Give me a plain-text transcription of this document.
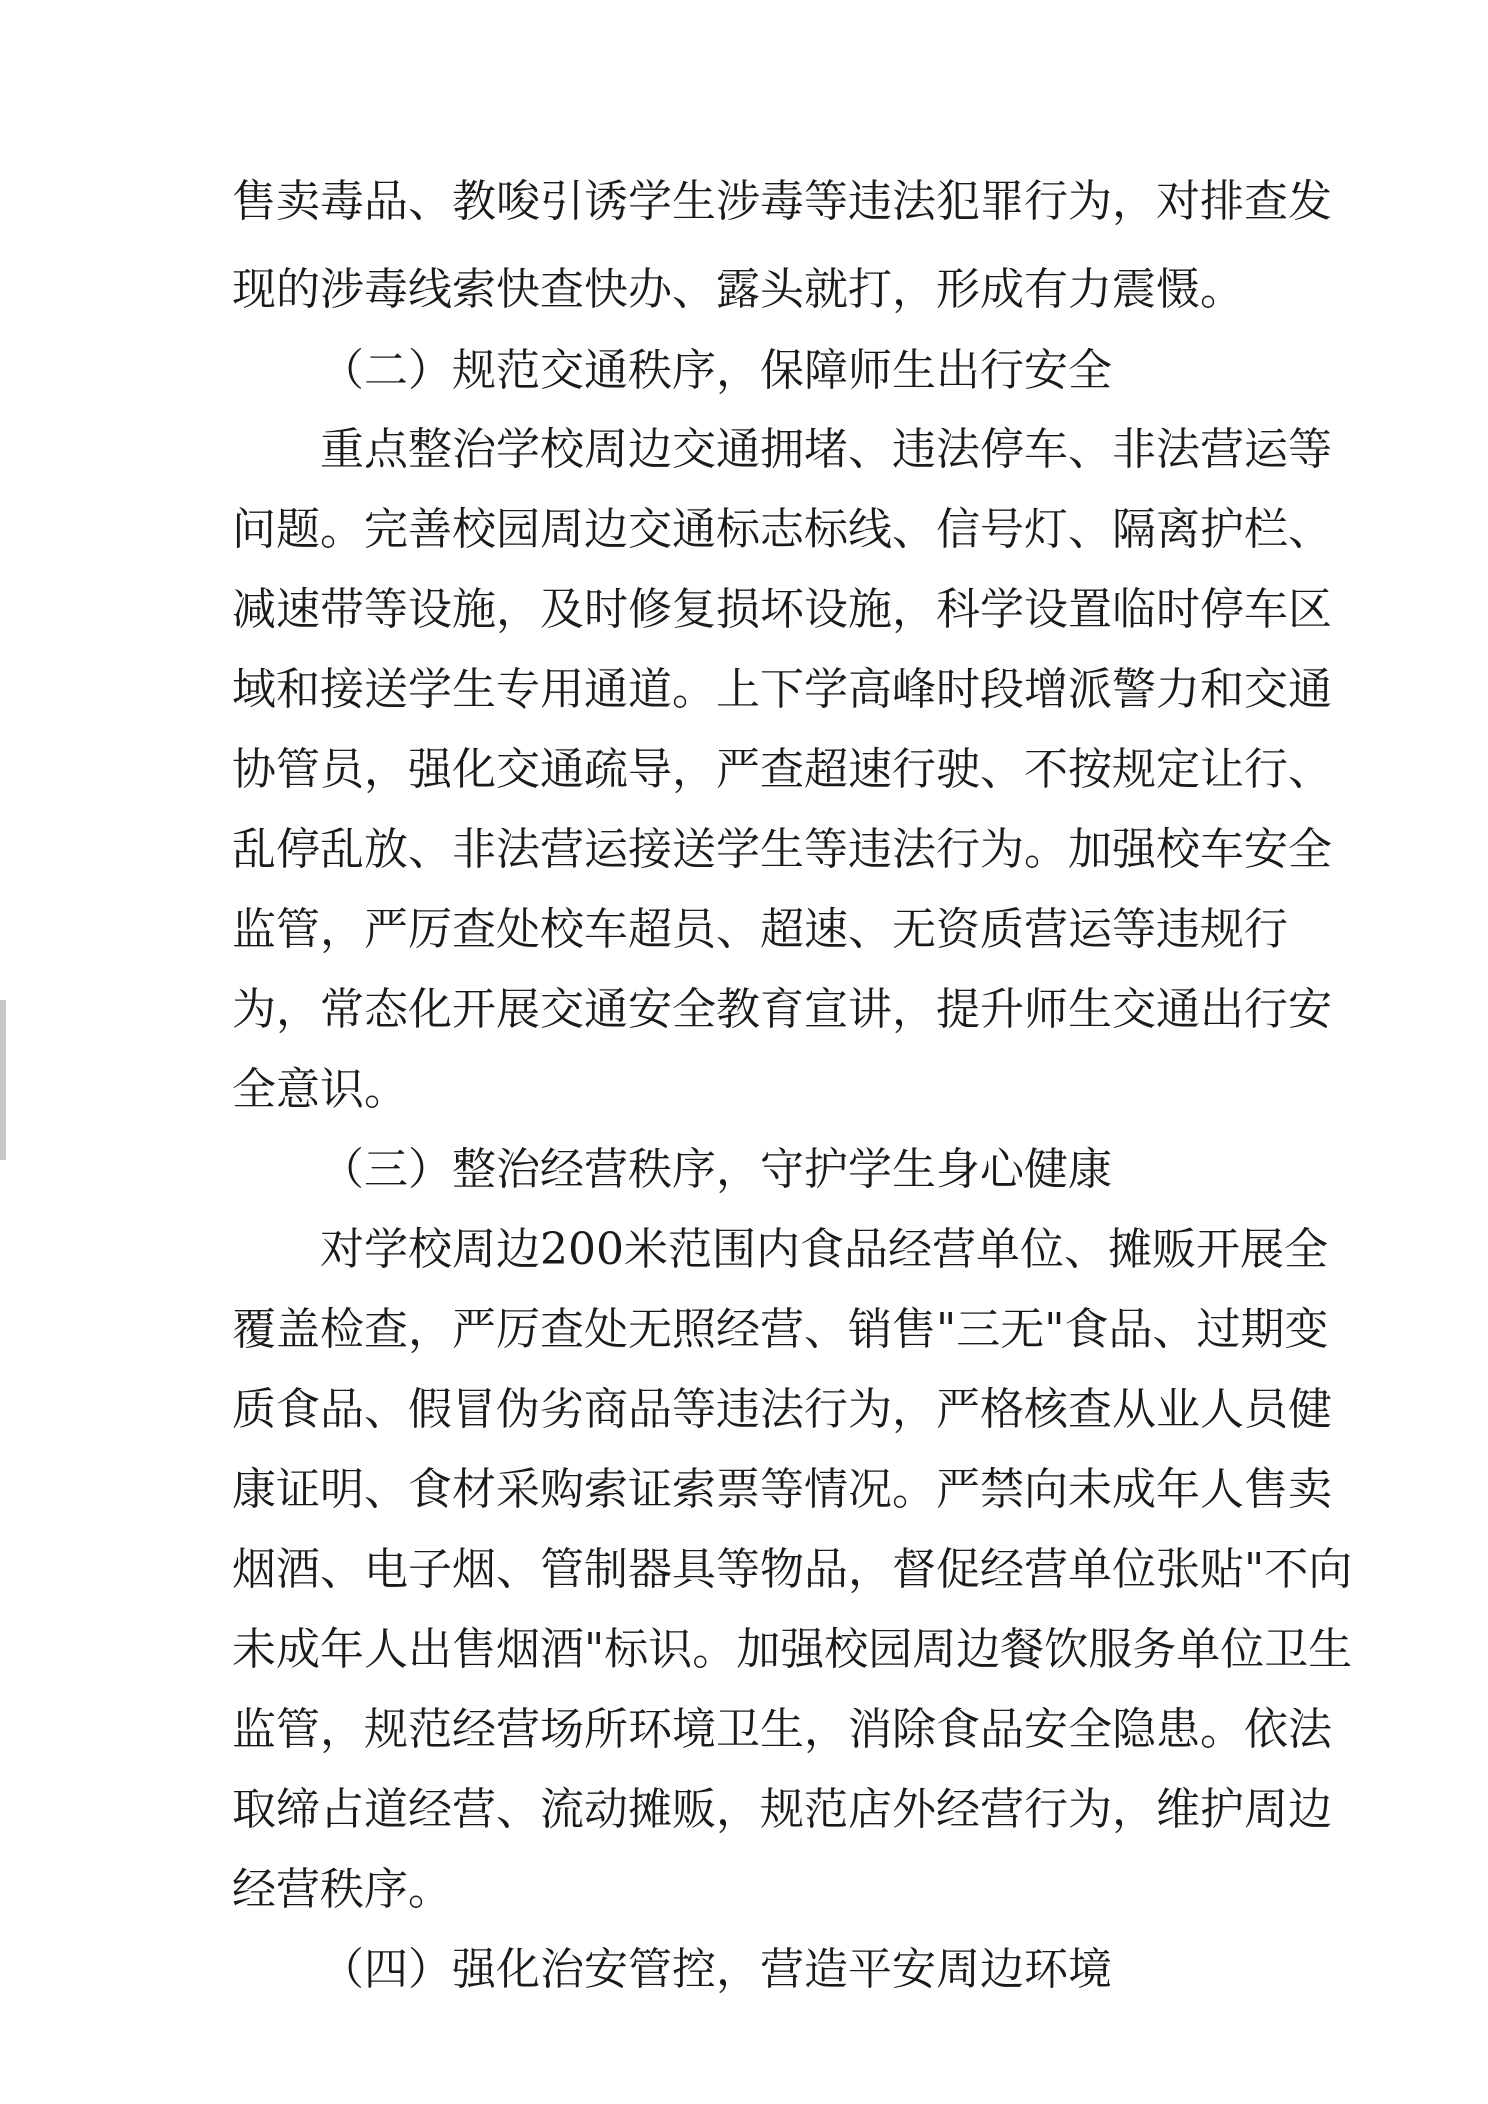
售卖毒品、教唆引诱学生涉毒等违法犯罪行为，对排查发
现的涉毒线索快查快办、露头就打，形成有力震慑。
（二）规范交通秩序，保障师生出行安全
重点整治学校周边交通拥堵、违法停车、非法营运等
问题。完善校园周边交通标志标线、信号灯、隔离护栏、
减速带等设施，及时修复损坏设施，科学设置临时停车区
域和接送学生专用通道。上下学高峰时段增派警力和交通
协管员，强化交通疏导，严查超速行驶、不按规定让行、
乱停乱放、非法营运接送学生等违法行为。加强校车安全
监管，严厉查处校车超员、超速、无资质营运等违规行
为，常态化开展交通安全教育宣讲，提升师生交通出行安
全意识。
（三）整治经营秩序，守护学生身心健康
对学校周边200米范围内食品经营单位、摊贩开展全
覆盖检查，严厉查处无照经营、销售"三无"食品、过期变
质食品、假冒伪劣商品等违法行为，严格核查从业人员健
康证明、食材采购索证索票等情况。严禁向未成年人售卖
烟酒、电子烟、管制器具等物品，督促经营单位张贴"不向
未成年人出售烟酒"标识。加强校园周边餐饮服务单位卫生
监管，规范经营场所环境卫生，消除食品安全隐患。依法
取缔占道经营、流动摊贩，规范店外经营行为，维护周边
经营秩序。
（四）强化治安管控，营造平安周边环境
